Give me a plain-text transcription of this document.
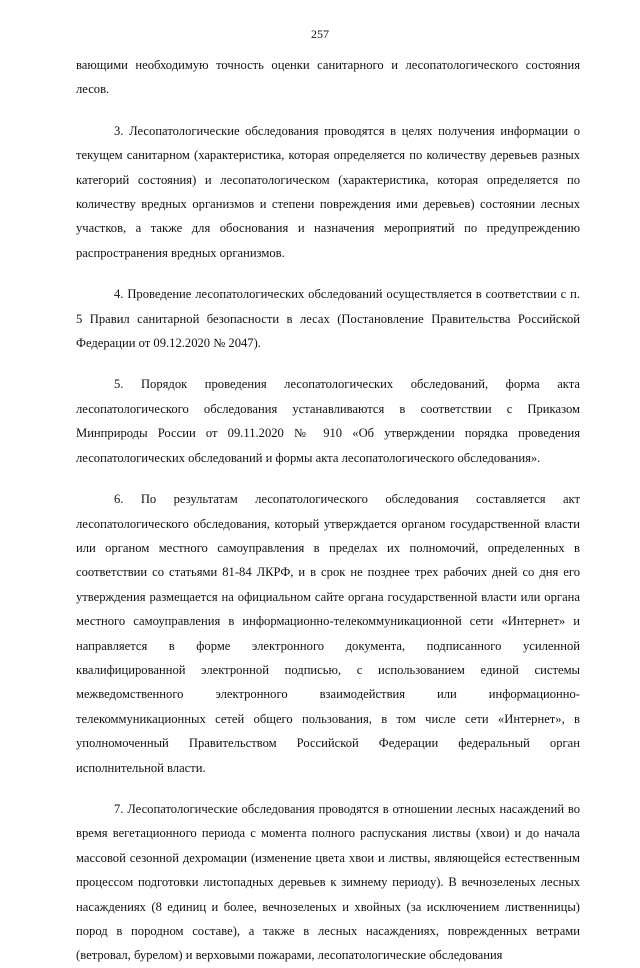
257

вающими необходимую точность оценки санитарного и лесопатологического состояния лесов.

3. Лесопатологические обследования проводятся в целях получения информации о текущем санитарном (характеристика, которая определяется по количеству деревьев разных категорий состояния) и лесопатологическом (характеристика, которая определяется по количеству вредных организмов и степени повреждения ими деревьев) состоянии лесных участков, а также для обоснования и назначения мероприятий по предупреждению распространения вредных организмов.

4. Проведение лесопатологических обследований осуществляется в соответствии с п. 5 Правил санитарной безопасности в лесах (Постановление Правительства Российской Федерации от 09.12.2020 № 2047).

5. Порядок проведения лесопатологических обследований, форма акта лесопатологического обследования устанавливаются в соответствии с Приказом Минприроды России от 09.11.2020 № 910 «Об утверждении порядка проведения лесопатологических обследований и формы акта лесопатологического обследования».

6. По результатам лесопатологического обследования составляется акт лесопатологического обследования, который утверждается органом государственной власти или органом местного самоуправления в пределах их полномочий, определенных в соответствии со статьями 81-84 ЛКРФ, и в срок не позднее трех рабочих дней со дня его утверждения размещается на официальном сайте органа государственной власти или органа местного самоуправления в информационно-телекоммуникационной сети «Интернет» и направляется в форме электронного документа, подписанного усиленной квалифицированной электронной подписью, с использованием единой системы межведомственного электронного взаимодействия или информационно-телекоммуникационных сетей общего пользования, в том числе сети «Интернет», в уполномоченный Правительством Российской Федерации федеральный орган исполнительной власти.

7. Лесопатологические обследования проводятся в отношении лесных насаждений во время вегетационного периода с момента полного распускания листвы (хвои) и до начала массовой сезонной дехромации (изменение цвета хвои и листвы, являющейся естественным процессом подготовки листопадных деревьев к зимнему периоду). В вечнозеленых лесных насаждениях (8 единиц и более, вечнозеленых и хвойных (за исключением лиственницы) пород в породном составе), а также в лесных насаждениях, поврежденных ветрами (ветровал, бурелом) и верховыми пожарами, лесопатологические обследования
